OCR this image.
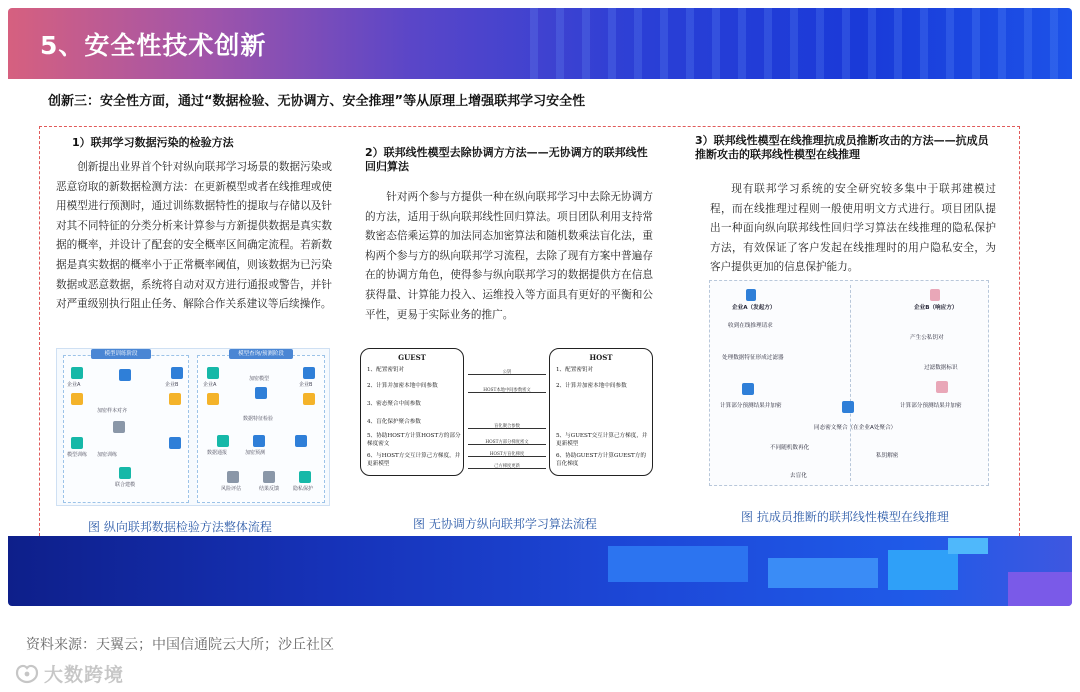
5、安全性技术创新
创新三：安全性方面，通过“数据检验、无协调方、安全推理”等从原理上增强联邦学习安全性
1）联邦学习数据污染的检验方法
创新提出业界首个针对纵向联邦学习场景的数据污染或恶意窃取的新数据检测方法：在更新模型或者在线推理或使用模型进行预测时，通过训练数据特性的提取与存储以及针对其不同特征的分类分析来计算参与方新提供数据是真实数据的概率，并设计了配套的安全概率区间确定流程。若新数据是真实数据的概率小于正常概率阈值，则该数据为已污染数据或恶意数据，系统将自动对双方进行通报或警告，并针对严重级别执行阻止任务、解除合作关系建议等后续操作。
模型训练阶段	模型查询/预测阶段
企业A	企业B
加密样本对齐
加密训练
联合建模
企业A	企业B
加密模型
数据特征检验
加密预测
风险评估
数据通报
结果反馈	隐私保护
模型训练
图 纵向联邦数据检验方法整体流程
2）联邦线性模型去除协调方方法——无协调方的联邦线性回归算法
针对两个参与方提供一种在纵向联邦学习中去除无协调方的方法，适用于纵向联邦线性回归算法。项目团队利用支持常数密态倍乘运算的加法同态加密算法和随机数乘法盲化法，重构两个参与方的纵向联邦学习流程，去除了现有方案中普遍存在的协调方角色，使得参与纵向联邦学习的数据提供方在信息获得量、计算能力投入、运维投入等方面具有更好的平衡和公平性，更易于实际业务的推广。
GUEST
1、配置密钥对
2、计算并加密本地中间参数
3、密态聚合中间参数
4、盲化保护聚合参数
5、协助HOST方计算HOST方的部分梯度密文
6、与HOST方交互计算己方梯度，并更新模型
HOST
1、配置密钥对
2、计算并加密本地中间参数
5、与GUEST交互计算己方梯度，并更新模型
6、协助GUEST方计算GUEST方的盲化梯度
公钥
HOST本地中间参数密文
盲化聚合参数
HOST方部分梯度密文
HOST方盲化梯度
己方梯度更新
图 无协调方纵向联邦学习算法流程
3）联邦线性模型在线推理抗成员推断攻击的方法——抗成员推断攻击的联邦线性模型在线推理
现有联邦学习系统的安全研究较多集中于联邦建模过程，而在线推理过程则一般使用明文方式进行。项目团队提出一种面向纵向联邦线性回归学习算法在线推理的隐私保护方法，有效保证了客户发起在线推理时的用户隐私安全，为客户提供更加的信息保护能力。
企业A（发起方）	企业B（响应方）
收到在线推理请求
处理数据特征形成过滤器
产生公私钥对
过滤数据标识
计算部分预测结果并加密	计算部分预测结果并加密
同态密文聚合（在企业A处聚合）
不同随机数再化
私钥解密
去盲化
图 抗成员推断的联邦线性模型在线推理
资料来源：天翼云；中国信通院云大所；沙丘社区
大数跨境
